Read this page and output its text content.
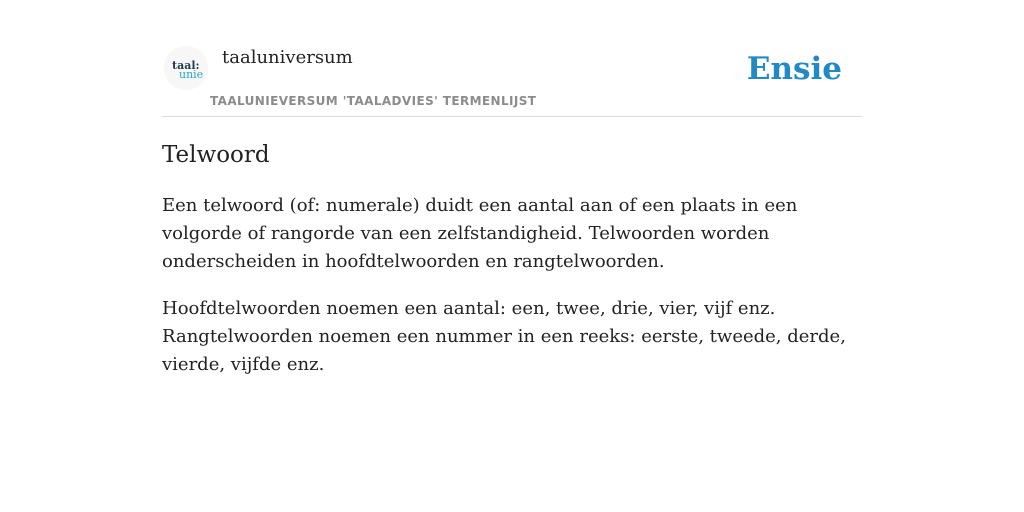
taal:
unie
taaluniversum
TAALUNIEVERSUM 'TAALADVIES' TERMENLIJST
Ensie
Telwoord

Een telwoord (of: numerale) duidt een aantal aan of een plaats in een volgorde of rangorde van een zelfstandigheid. Telwoorden worden onderscheiden in hoofdtelwoorden en rangtelwoorden.

Hoofdtelwoorden noemen een aantal: een, twee, drie, vier, vijf enz. Rangtelwoorden noemen een nummer in een reeks: eerste, tweede, derde, vierde, vijfde enz.
